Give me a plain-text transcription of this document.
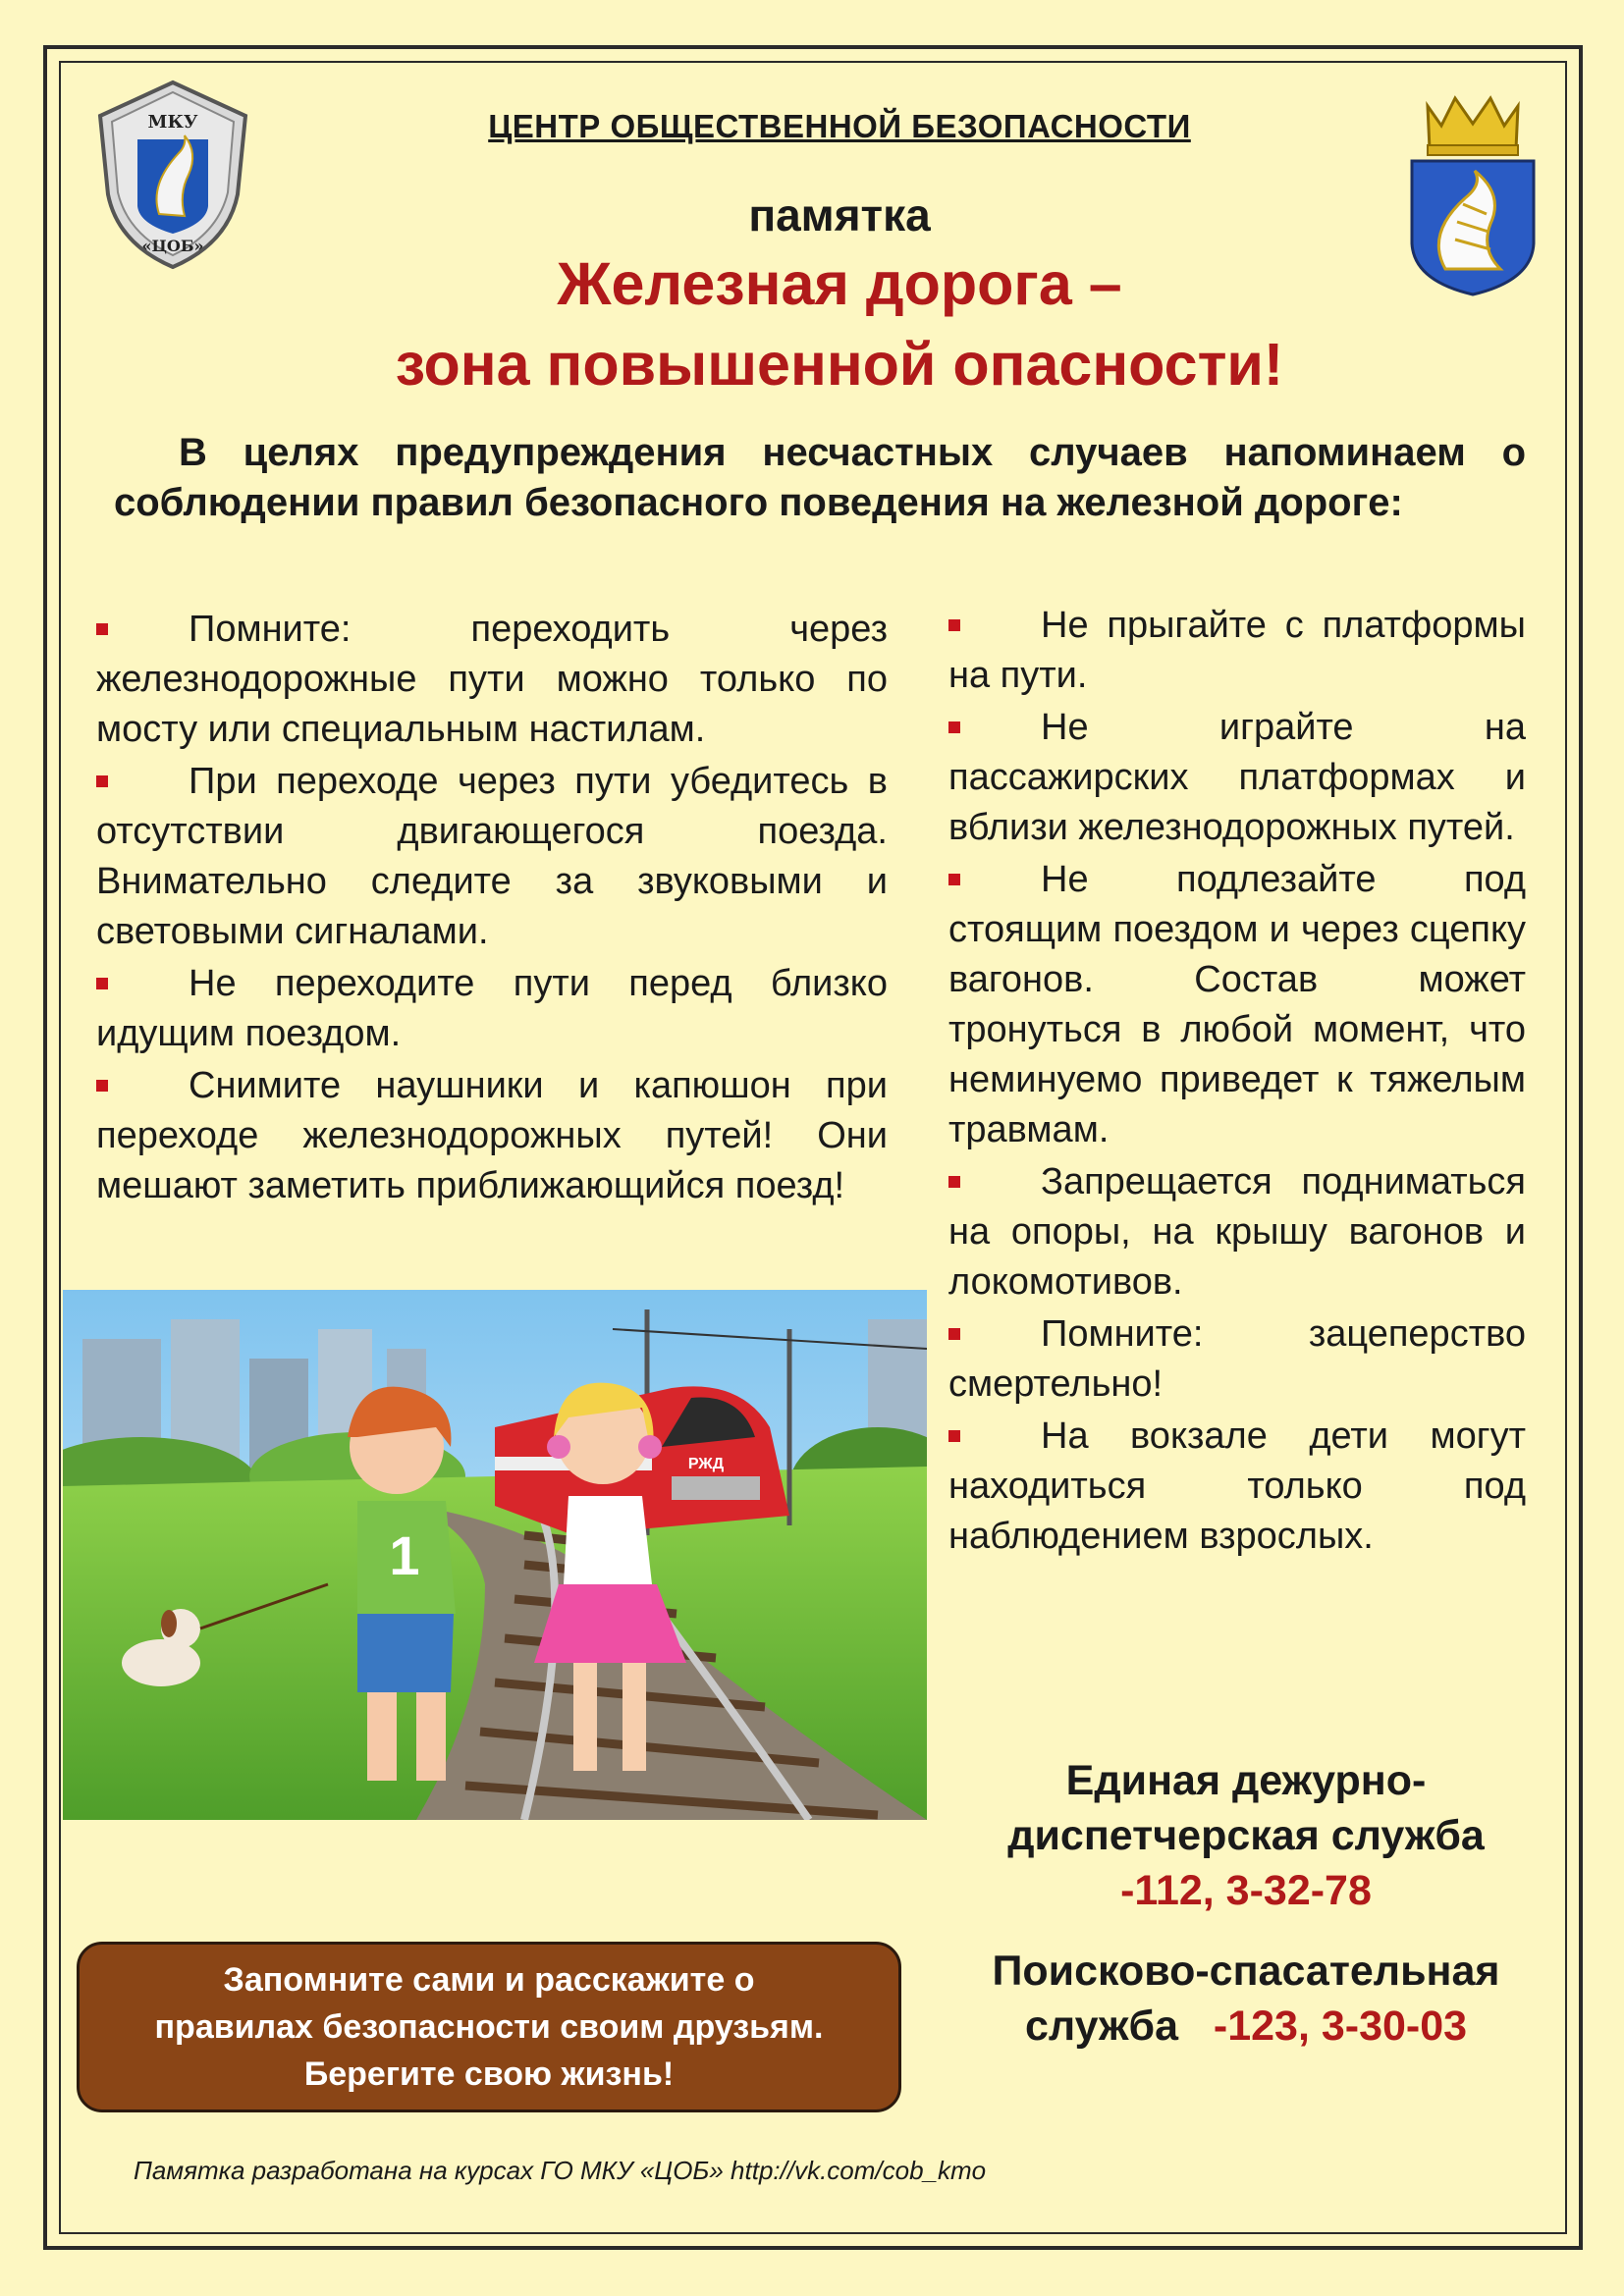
МКУ
«ЦОБ»
ЦЕНТР ОБЩЕСТВЕННОЙ БЕЗОПАСНОСТИ
памятка
Железная дорога –
зона повышенной опасности!
В целях предупреждения несчастных случаев напоминаем о соблюдении правил безопасного поведения на железной дороге:
Помните: переходить через железнодорожные пути можно только по мосту или специальным настилам.
При переходе через пути убедитесь в отсутствии двигающегося поезда. Внимательно следите за звуковыми и световыми сигналами.
Не переходите пути перед близко идущим поездом.
Снимите наушники и капюшон при переходе железнодорожных путей! Они мешают заметить приближающийся поезд!
Не прыгайте с платформы на пути.
Не играйте на пассажирских платформах и вблизи железнодорожных путей.
Не подлезайте под стоящим поездом и через сцепку вагонов. Состав может тронуться в любой момент, что неминуемо приведет к тяжелым травмам.
Запрещается подниматься на опоры, на крышу вагонов и локомотивов.
Помните: зацеперство смертельно!
На вокзале дети могут находиться только под наблюдением взрослых.
РЖД
1
Запомните сами и расскажите о
правилах безопасности своим друзьям.
Берегите свою жизнь!
Единая дежурно-
диспетчерская служба
-112, 3-32-78
Поисково-спасательная
служба -123, 3-30-03
Памятка разработана на курсах ГО МКУ «ЦОБ» http://vk.com/cob_kmo
